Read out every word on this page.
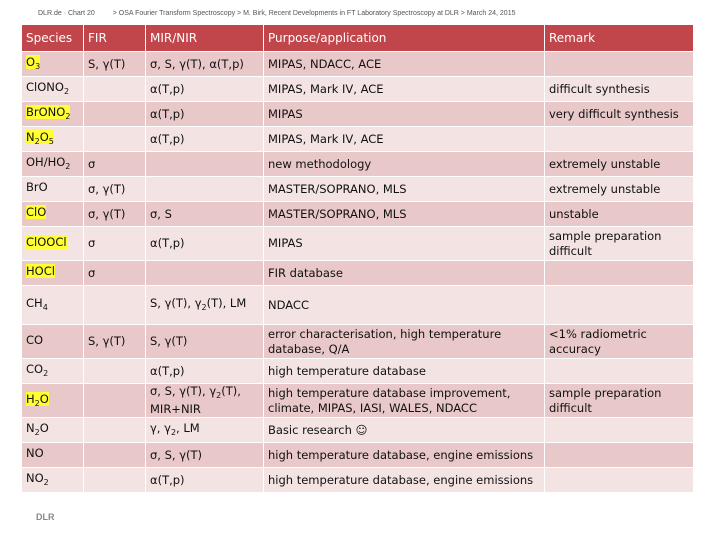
DLR.de · Chart 20	> OSA Fourier Transform Spectroscopy > M. Birk, Recent Developments in FT Laboratory Spectroscopy at DLR > March 24, 2015
Species	FIR	MIR/NIR	Purpose/application	Remark
$O_3$	S, γ(T)	σ, S, γ(T), α(T,p)	MIPAS, NDACC, ACE	
ClONO$_2$		α(T,p)	MIPAS, Mark IV, ACE	difficult synthesis
BrONO$_2$		α(T,p)	MIPAS	very difficult synthesis
$N_2O_5$		α(T,p)	MIPAS, Mark IV, ACE	
$OH/HO_2$	σ		new methodology	extremely unstable
BrO	σ, γ(T)		MASTER/SOPRANO, MLS	extremely unstable
ClO	σ, γ(T)	σ, S	MASTER/SOPRANO, MLS	unstable
ClOOCl	σ	α(T,p)	MIPAS	sample preparation difficult
HOCl	σ		FIR database	
$CH_4$		S, γ(T), $\gamma_2(T)$, LM	NDACC	
CO	S, γ(T)	S, γ(T)	error characterisation, high temperature database, Q/A	<1% radiometric accuracy
$CO_2$		α(T,p)	high temperature database	
$H_2O$		σ, S, γ(T), $\gamma_2(T)$, MIR+NIR	high temperature database improvement, climate, MIPAS, IASI, WALES, NDACC	sample preparation difficult
$N_2O$		γ, $\gamma_2$, LM	Basic research ☺	
NO		σ, S, γ(T)	high temperature database, engine emissions	
$NO_2$		α(T,p)	high temperature database, engine emissions	
DLR
